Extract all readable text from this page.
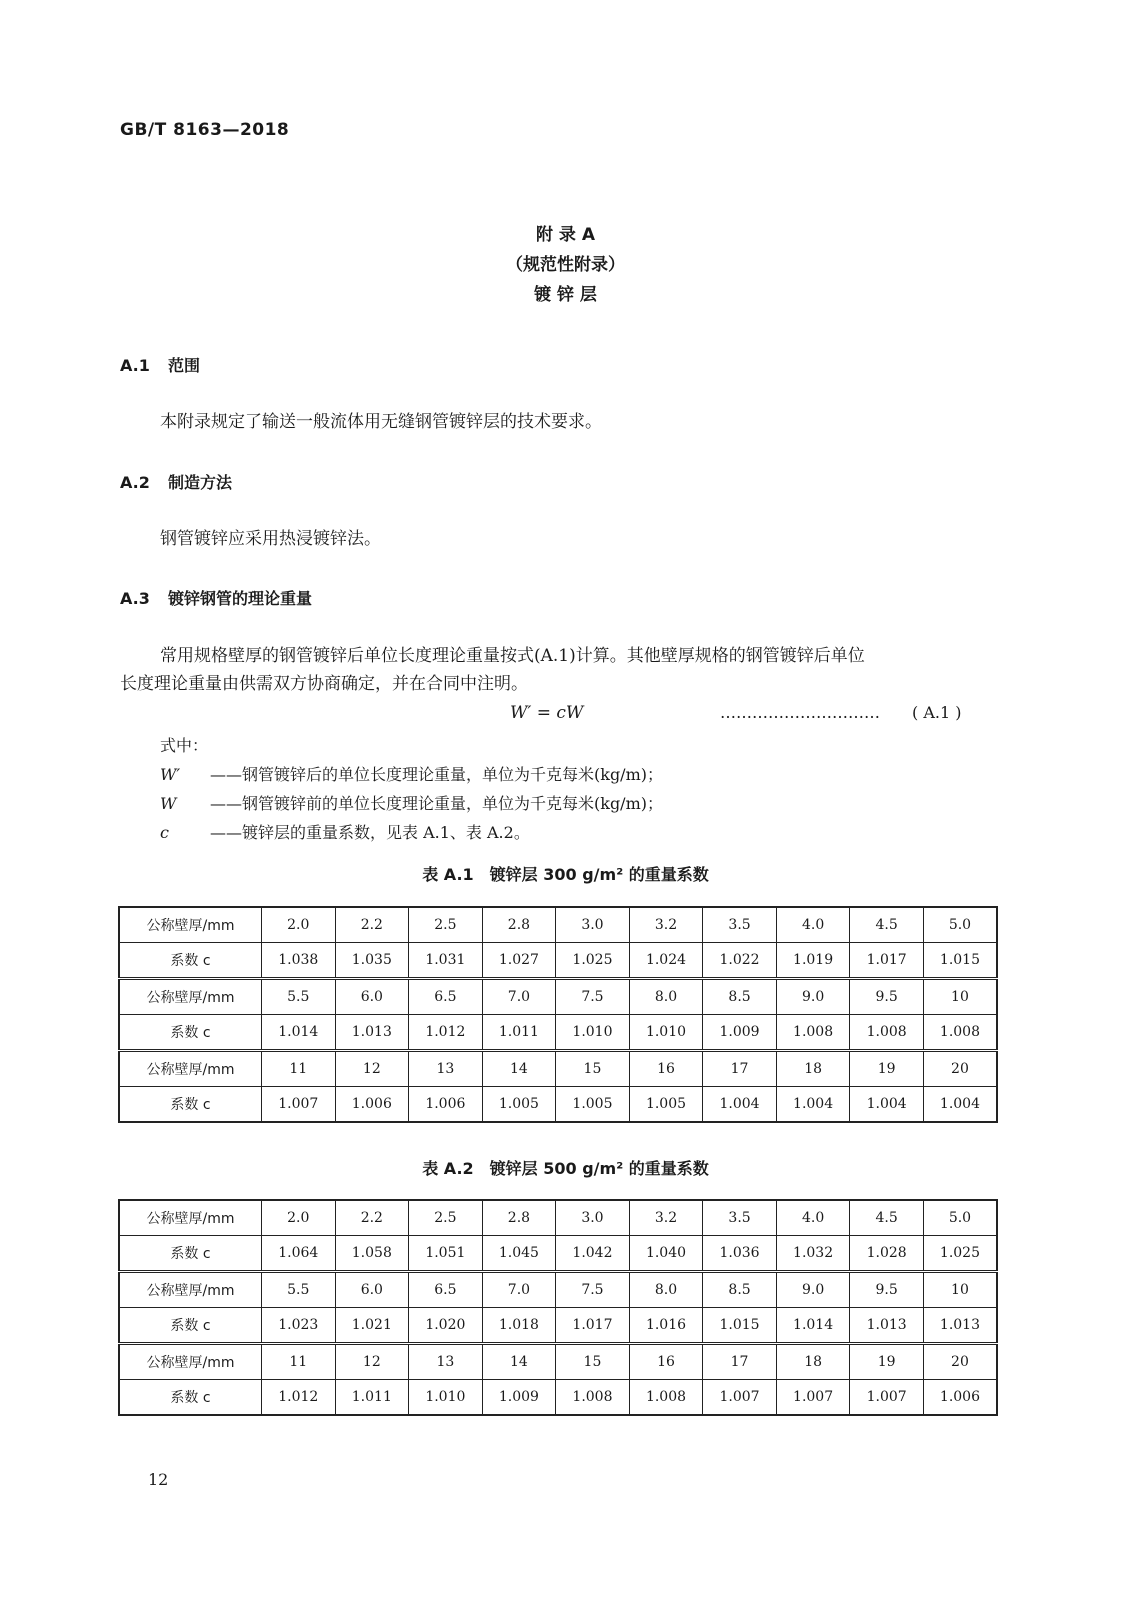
GB/T 8163—2018
附 录 A
（规范性附录）
镀 锌 层
A.1 范围
本附录规定了输送一般流体用无缝钢管镀锌层的技术要求。
A.2 制造方法
钢管镀锌应采用热浸镀锌法。
A.3 镀锌钢管的理论重量
常用规格壁厚的钢管镀锌后单位长度理论重量按式(A.1)计算。其他壁厚规格的钢管镀锌后单位
长度理论重量由供需双方协商确定，并在合同中注明。
W′ = cW	………………………… ( A.1 )
式中：
W′ ——钢管镀锌后的单位长度理论重量，单位为千克每米(kg/m)；
W ——钢管镀锌前的单位长度理论重量，单位为千克每米(kg/m)；
c	——镀锌层的重量系数，见表 A.1、表 A.2。
表 A.1　镀锌层 300 g/m² 的重量系数
公称壁厚/mm	2.0	2.2	2.5	2.8	3.0	3.2	3.5	4.0	4.5	5.0
系数 c	1.038	1.035	1.031	1.027	1.025	1.024	1.022	1.019	1.017	1.015
公称壁厚/mm	5.5	6.0	6.5	7.0	7.5	8.0	8.5	9.0	9.5	10
系数 c	1.014	1.013	1.012	1.011	1.010	1.010	1.009	1.008	1.008	1.008
公称壁厚/mm	11	12	13	14	15	16	17	18	19	20
系数 c	1.007	1.006	1.006	1.005	1.005	1.005	1.004	1.004	1.004	1.004
表 A.2　镀锌层 500 g/m² 的重量系数
公称壁厚/mm	2.0	2.2	2.5	2.8	3.0	3.2	3.5	4.0	4.5	5.0
系数 c	1.064	1.058	1.051	1.045	1.042	1.040	1.036	1.032	1.028	1.025
公称壁厚/mm	5.5	6.0	6.5	7.0	7.5	8.0	8.5	9.0	9.5	10
系数 c	1.023	1.021	1.020	1.018	1.017	1.016	1.015	1.014	1.013	1.013
公称壁厚/mm	11	12	13	14	15	16	17	18	19	20
系数 c	1.012	1.011	1.010	1.009	1.008	1.008	1.007	1.007	1.007	1.006
12
